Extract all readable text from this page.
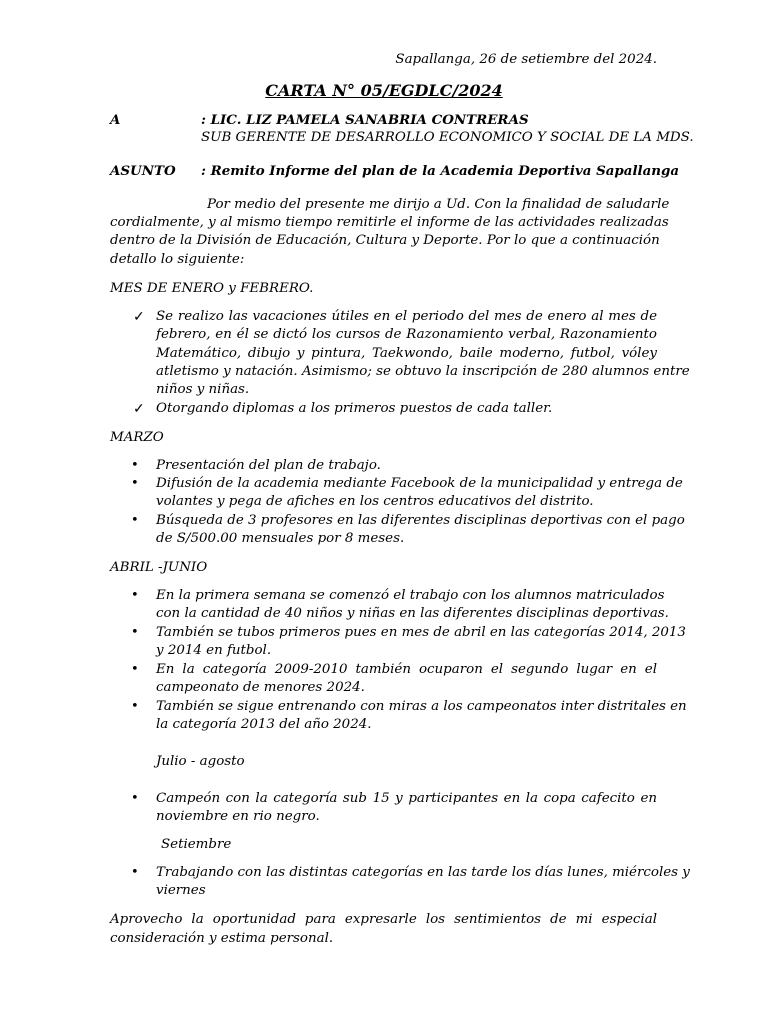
Sapallanga, 26 de setiembre del 2024.
CARTA N° 05/EGDLC/2024
A	: LIC. LIZ PAMELA SANABRIA CONTRERAS
SUB GERENTE DE DESARROLLO ECONOMICO Y SOCIAL DE LA MDS.
ASUNTO	: Remito Informe del plan de la Academia Deportiva Sapallanga
Por medio del presente me dirijo a Ud. Con la finalidad de saludarle
cordialmente, y al mismo tiempo remitirle el informe de las actividades realizadas
dentro de la División de Educación, Cultura y Deporte. Por lo que a continuación
detallo lo siguiente:
MES DE ENERO y FEBRERO.
✓ Se realizo las vacaciones útiles en el periodo del mes de enero al mes de
febrero, en él se dictó los cursos de Razonamiento verbal, Razonamiento
Matemático, dibujo y pintura, Taekwondo, baile moderno, futbol, vóley
atletismo y natación. Asimismo; se obtuvo la inscripción de 280 alumnos entre
niños y niñas.
✓ Otorgando diplomas a los primeros puestos de cada taller.
MARZO
•	Presentación del plan de trabajo.
•	Difusión de la academia mediante Facebook de la municipalidad y entrega de
volantes y pega de afiches en los centros educativos del distrito.
•	Búsqueda de 3 profesores en las diferentes disciplinas deportivas con el pago
de S/500.00 mensuales por 8 meses.
ABRIL -JUNIO
•	En la primera semana se comenzó el trabajo con los alumnos matriculados
con la cantidad de 40 niños y niñas en las diferentes disciplinas deportivas.
•	También se tubos primeros pues en mes de abril en las categorías 2014, 2013
y 2014 en futbol.
•	En la categoría 2009-2010 también ocuparon el segundo lugar en el
campeonato de menores 2024.
•	También se sigue entrenando con miras a los campeonatos inter distritales en
la categoría 2013 del año 2024.
Julio - agosto
•	Campeón con la categoría sub 15 y participantes en la copa cafecito en
noviembre en rio negro.
Setiembre
•	Trabajando con las distintas categorías en las tarde los días lunes, miércoles y
viernes
Aprovecho la oportunidad para expresarle los sentimientos de mi especial
consideración y estima personal.
